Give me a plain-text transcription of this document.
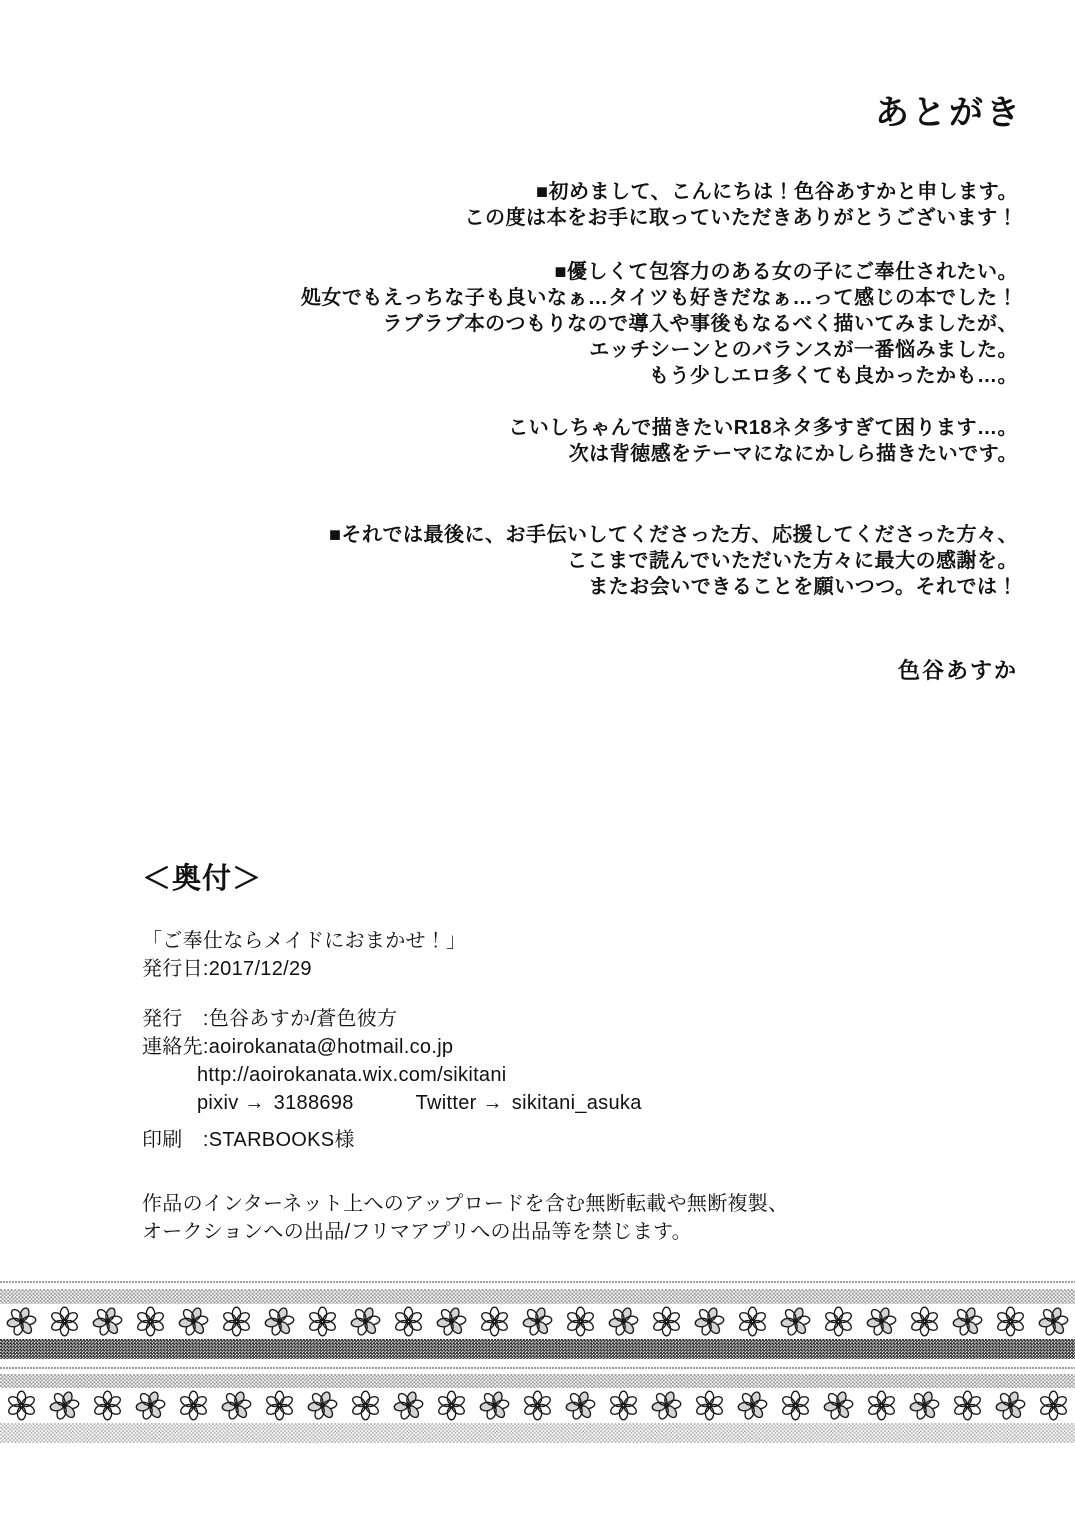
あとがき
■初めまして、こんにちは！色谷あすかと申します。
この度は本をお手に取っていただきありがとうございます！
■優しくて包容力のある女の子にご奉仕されたい。
処女でもえっちな子も良いなぁ…タイツも好きだなぁ…って感じの本でした！
ラブラブ本のつもりなので導入や事後もなるべく描いてみましたが、
エッチシーンとのバランスが一番悩みました。
もう少しエロ多くても良かったかも…。
こいしちゃんで描きたいR18ネタ多すぎて困ります…。
次は背徳感をテーマになにかしら描きたいです。
■それでは最後に、お手伝いしてくださった方、応援してくださった方々、
ここまで読んでいただいた方々に最大の感謝を。
またお会いできることを願いつつ。それでは！
色谷あすか
＜奥付＞
「ご奉仕ならメイドにおまかせ！」
発行日:2017/12/29
発行　:色谷あすか/蒼色彼方
連絡先:aoirokanata@hotmail.co.jp
http://aoirokanata.wix.com/sikitani
pixiv → 3188698	Twitter → sikitani_asuka
印刷　:STARBOOKS様
作品のインターネット上へのアップロードを含む無断転載や無断複製、
オークションへの出品/フリマアプリへの出品等を禁じます。
